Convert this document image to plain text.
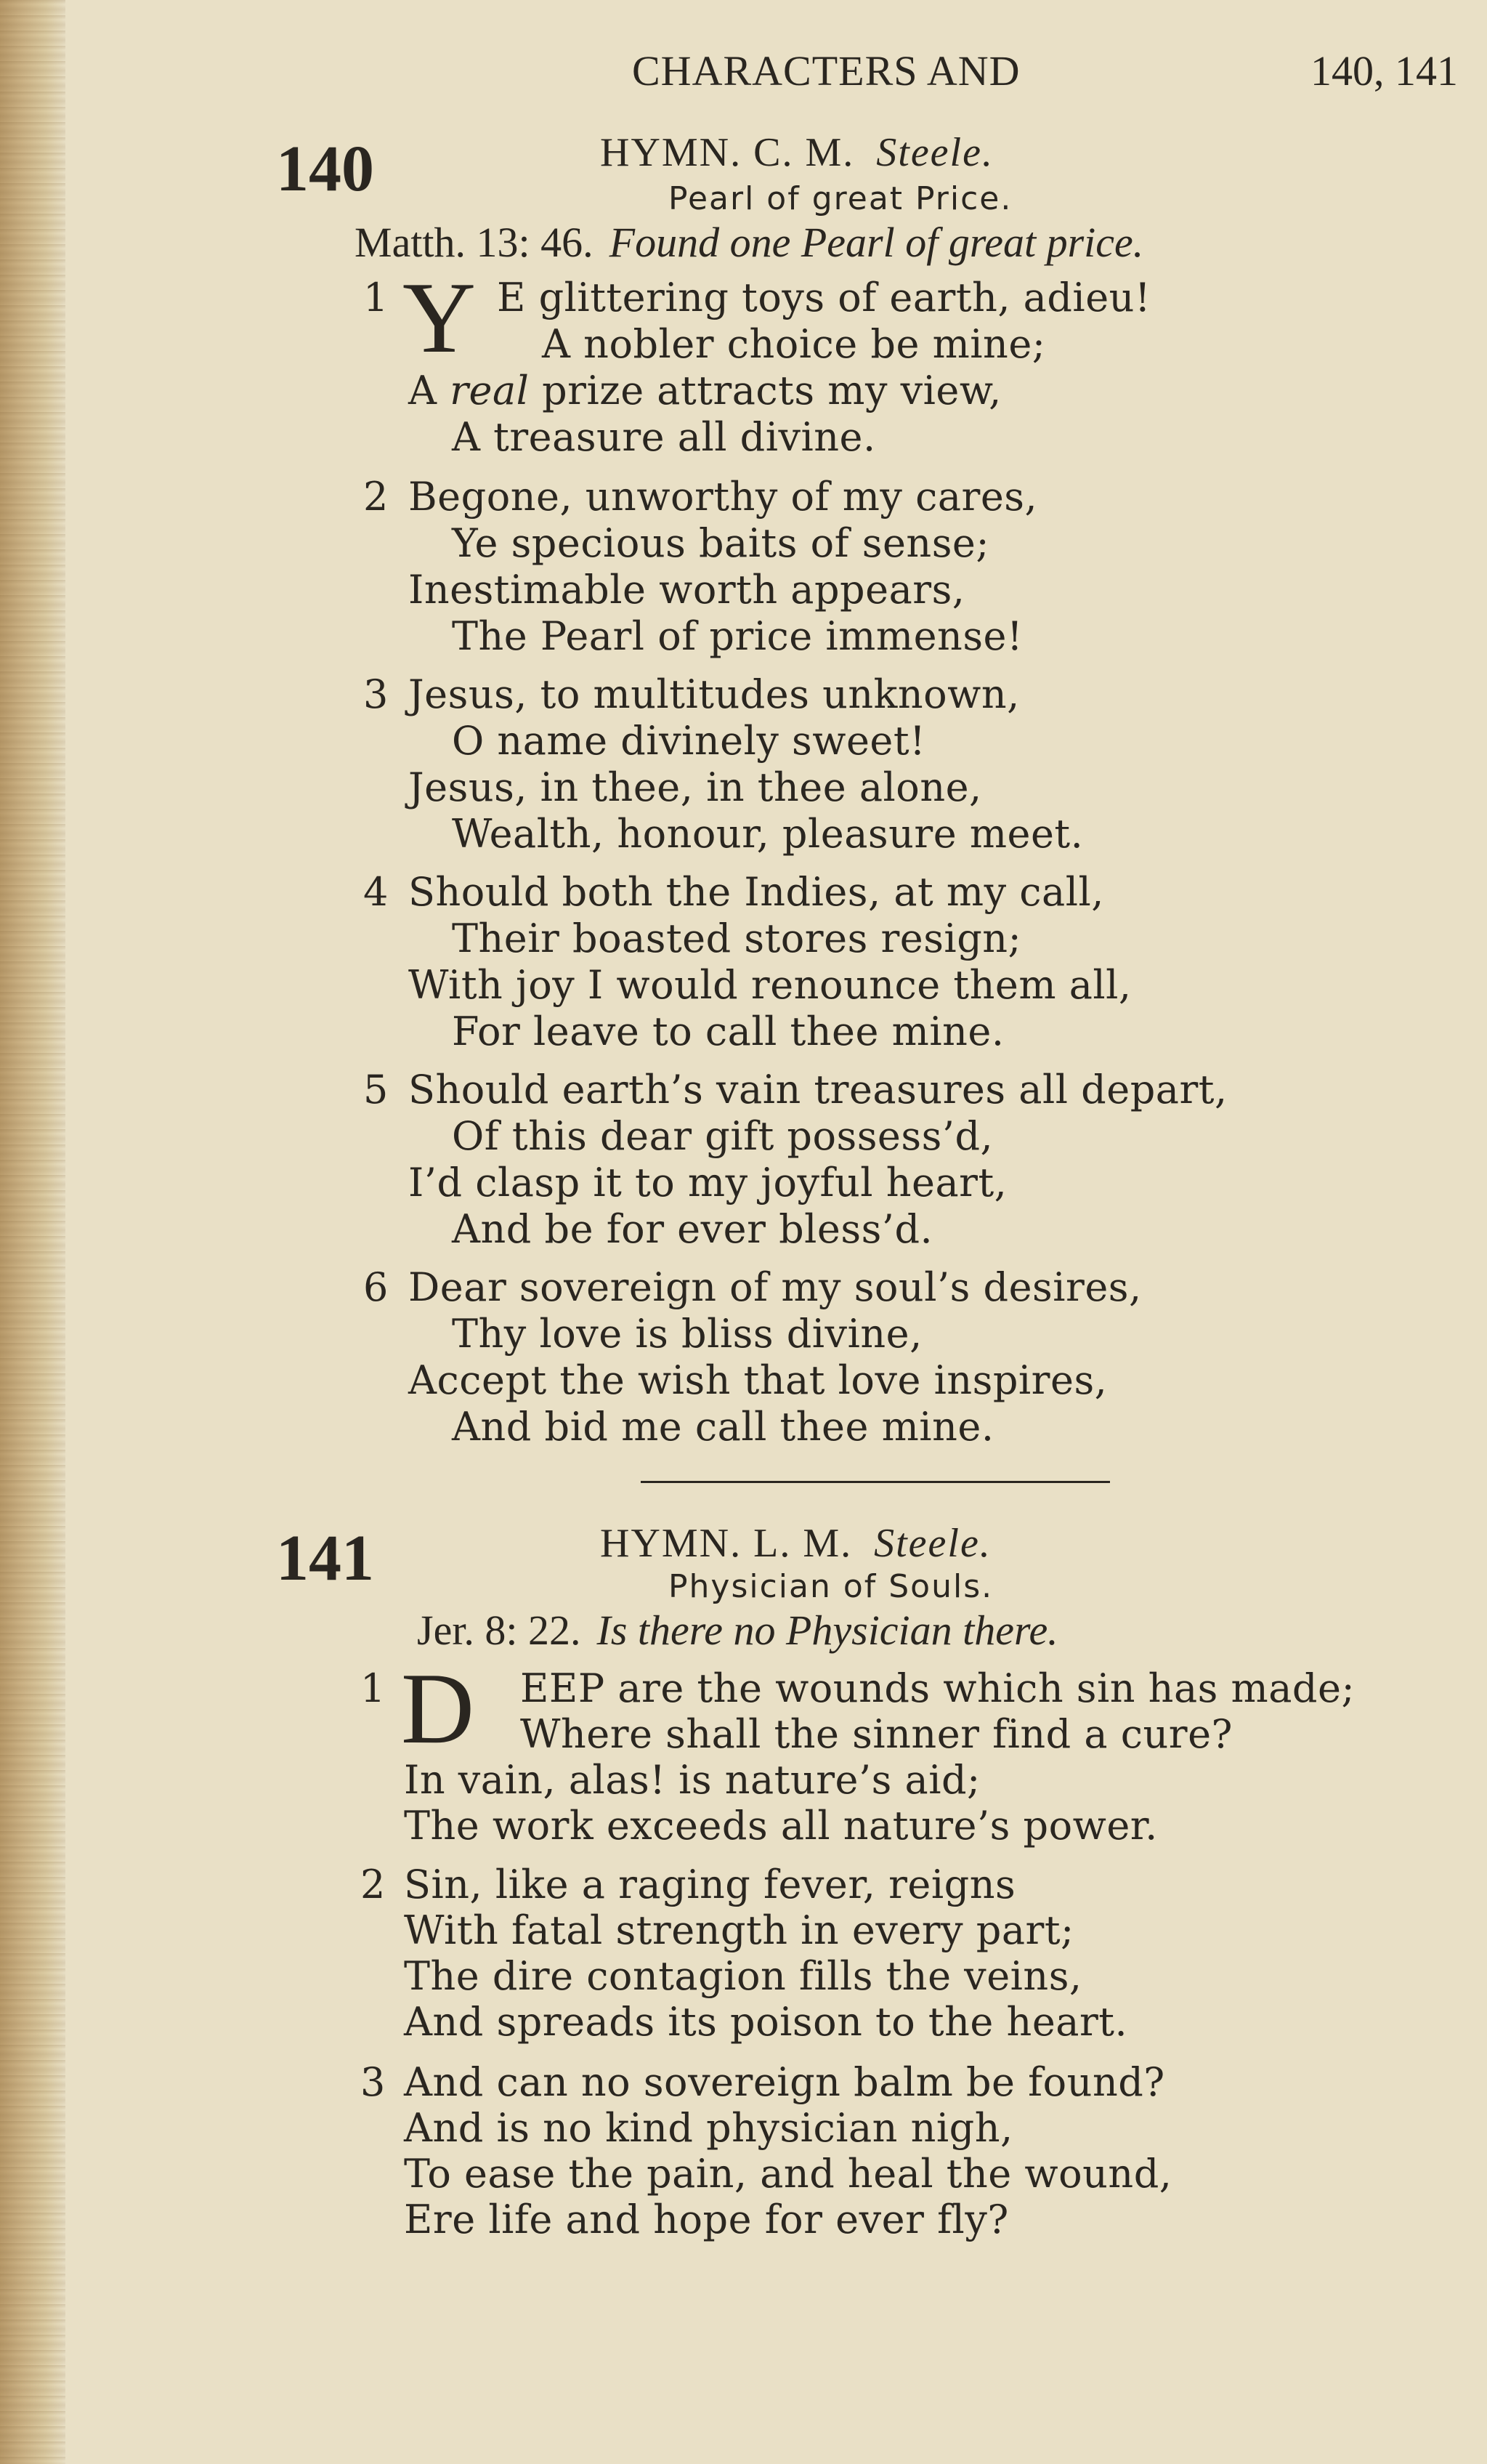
CHARACTERS AND	140, 141
140	HYMN. C. M. Steele.
Pearl of great Price.
Matth. 13: 46. Found one Pearl of great price.
1 Y E glittering toys of earth, adieu!
A nobler choice be mine;
A real prize attracts my view,
A treasure all divine.
2 Begone, unworthy of my cares,
Ye specious baits of sense;
Inestimable worth appears,
The Pearl of price immense!
3 Jesus, to multitudes unknown,
O name divinely sweet!
Jesus, in thee, in thee alone,
Wealth, honour, pleasure meet.
4 Should both the Indies, at my call,
Their boasted stores resign;
With joy I would renounce them all,
For leave to call thee mine.
5 Should earth’s vain treasures all depart,
Of this dear gift possess’d,
I’d clasp it to my joyful heart,
And be for ever bless’d.
6 Dear sovereign of my soul’s desires,
Thy love is bliss divine,
Accept the wish that love inspires,
And bid me call thee mine.
141	HYMN. L. M. Steele.
Physician of Souls.
Jer. 8: 22. Is there no Physician there.
1 D EEP are the wounds which sin has made;
Where shall the sinner find a cure?
In vain, alas! is nature’s aid;
The work exceeds all nature’s power.
2 Sin, like a raging fever, reigns
With fatal strength in every part;
The dire contagion fills the veins,
And spreads its poison to the heart.
3 And can no sovereign balm be found?
And is no kind physician nigh,
To ease the pain, and heal the wound,
Ere life and hope for ever fly?
